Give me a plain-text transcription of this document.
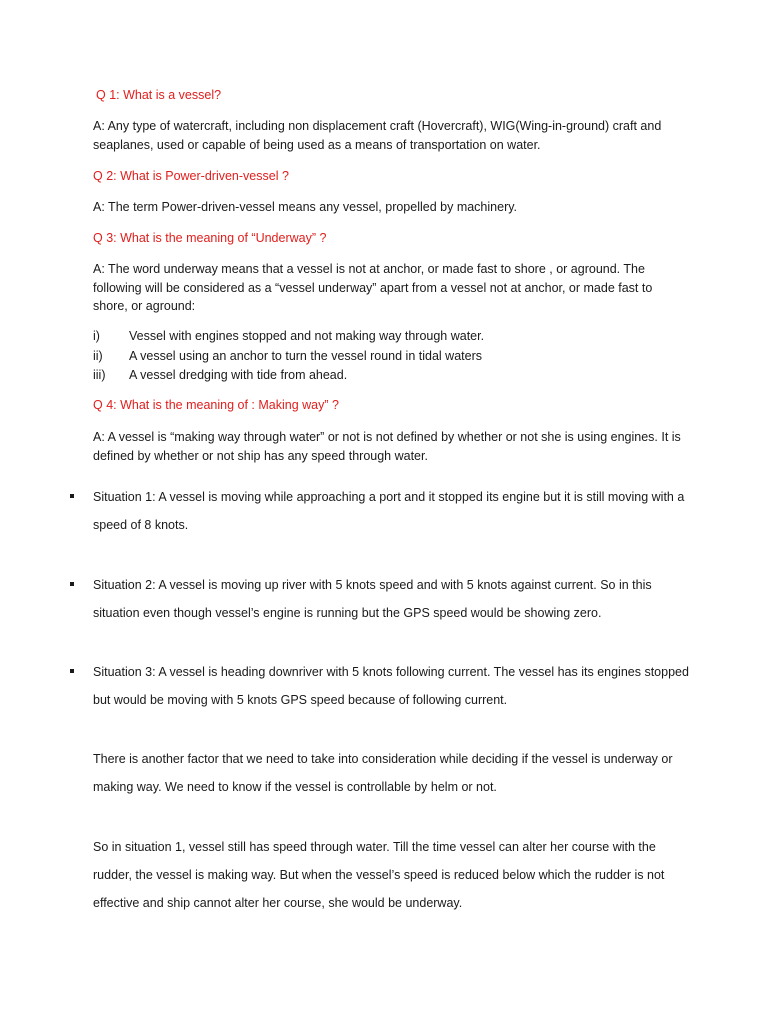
Q 1: What is a vessel?
A: Any type of watercraft, including non displacement craft (Hovercraft), WIG(Wing-in-ground) craft and seaplanes, used or capable of being used as a means of transportation on water.
Q 2: What is Power-driven-vessel ?
A: The term Power-driven-vessel means any vessel, propelled by machinery.
Q 3: What is the meaning of “Underway” ?
A: The word underway means that a vessel is not at anchor, or made fast to shore , or aground. The following will be considered as a “vessel underway” apart from a vessel not at anchor, or made fast to shore, or aground:
i) Vessel with engines stopped and not making way through water.
ii) A vessel using an anchor to turn the vessel round in tidal waters
iii) A vessel dredging with tide from ahead.
Q 4: What is the meaning of : Making way” ?
A: A vessel is “making way through water” or not is not defined by whether or not she is using engines. It is defined by whether or not ship has any speed through water.
Situation 1: A vessel is moving while approaching a port and it stopped its engine but it is still moving with a speed of 8 knots.
Situation 2: A vessel is moving up river with 5 knots speed and with 5 knots against current. So in this situation even though vessel’s engine is running but the GPS speed would be showing zero.
Situation 3: A vessel is heading downriver with 5 knots following current. The vessel has its engines stopped but would be moving with 5 knots GPS speed because of following current.
There is another factor that we need to take into consideration while deciding if the vessel is underway or making way. We need to know if the vessel is controllable by helm or not.
So in situation 1, vessel still has speed through water. Till the time vessel can alter her course with the rudder, the vessel is making way. But when the vessel’s speed is reduced below which the rudder is not effective and ship cannot alter her course, she would be underway.
